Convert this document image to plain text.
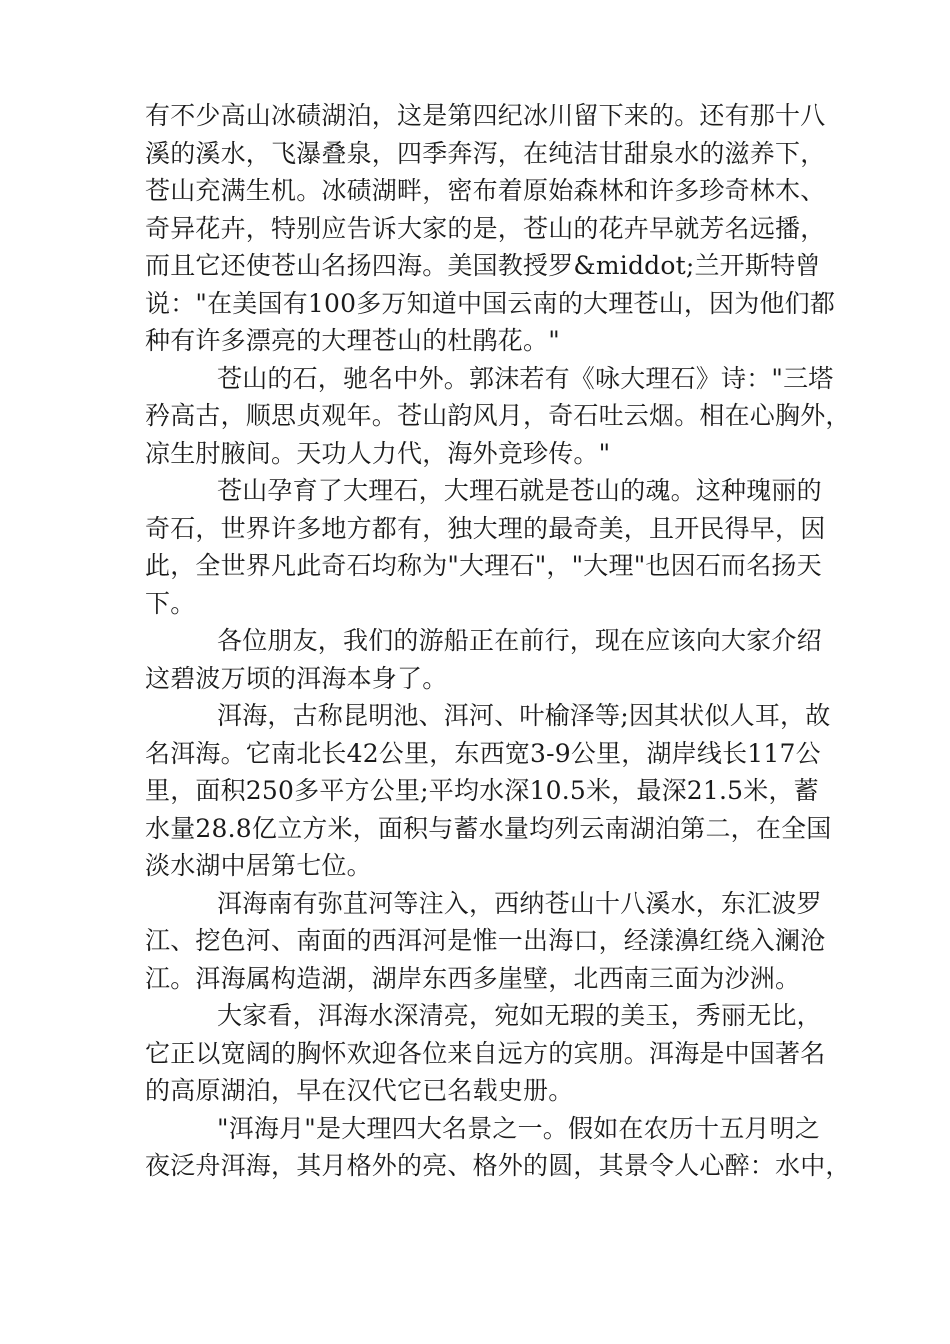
有不少高山冰碛湖泊，这是第四纪冰川留下来的。还有那十八
溪的溪水，飞瀑叠泉，四季奔泻，在纯洁甘甜泉水的滋养下，
苍山充满生机。冰碛湖畔，密布着原始森林和许多珍奇林木、
奇异花卉，特别应告诉大家的是，苍山的花卉早就芳名远播，
而且它还使苍山名扬四海。美国教授罗&middot;兰开斯特曾
说："在美国有100多万知道中国云南的大理苍山，因为他们都
种有许多漂亮的大理苍山的杜鹃花。"
苍山的石，驰名中外。郭沫若有《咏大理石》诗："三塔
矜高古，顺思贞观年。苍山韵风月，奇石吐云烟。相在心胸外，
凉生肘腋间。天功人力代，海外竞珍传。"
苍山孕育了大理石，大理石就是苍山的魂。这种瑰丽的
奇石，世界许多地方都有，独大理的最奇美，且开民得早，因
此，全世界凡此奇石均称为"大理石"，"大理"也因石而名扬天
下。
各位朋友，我们的游船正在前行，现在应该向大家介绍
这碧波万顷的洱海本身了。
洱海，古称昆明池、洱河、叶榆泽等;因其状似人耳，故
名洱海。它南北长42公里，东西宽3-9公里，湖岸线长117公
里，面积250多平方公里;平均水深10.5米，最深21.5米，蓄
水量28.8亿立方米，面积与蓄水量均列云南湖泊第二，在全国
淡水湖中居第七位。
洱海南有弥苴河等注入，西纳苍山十八溪水，东汇波罗
江、挖色河、南面的西洱河是惟一出海口，经漾濞红绕入澜沧
江。洱海属构造湖，湖岸东西多崖壁，北西南三面为沙洲。
大家看，洱海水深清亮，宛如无瑕的美玉，秀丽无比，
它正以宽阔的胸怀欢迎各位来自远方的宾朋。洱海是中国著名
的高原湖泊，早在汉代它已名载史册。
"洱海月"是大理四大名景之一。假如在农历十五月明之
夜泛舟洱海，其月格外的亮、格外的圆，其景令人心醉：水中，
